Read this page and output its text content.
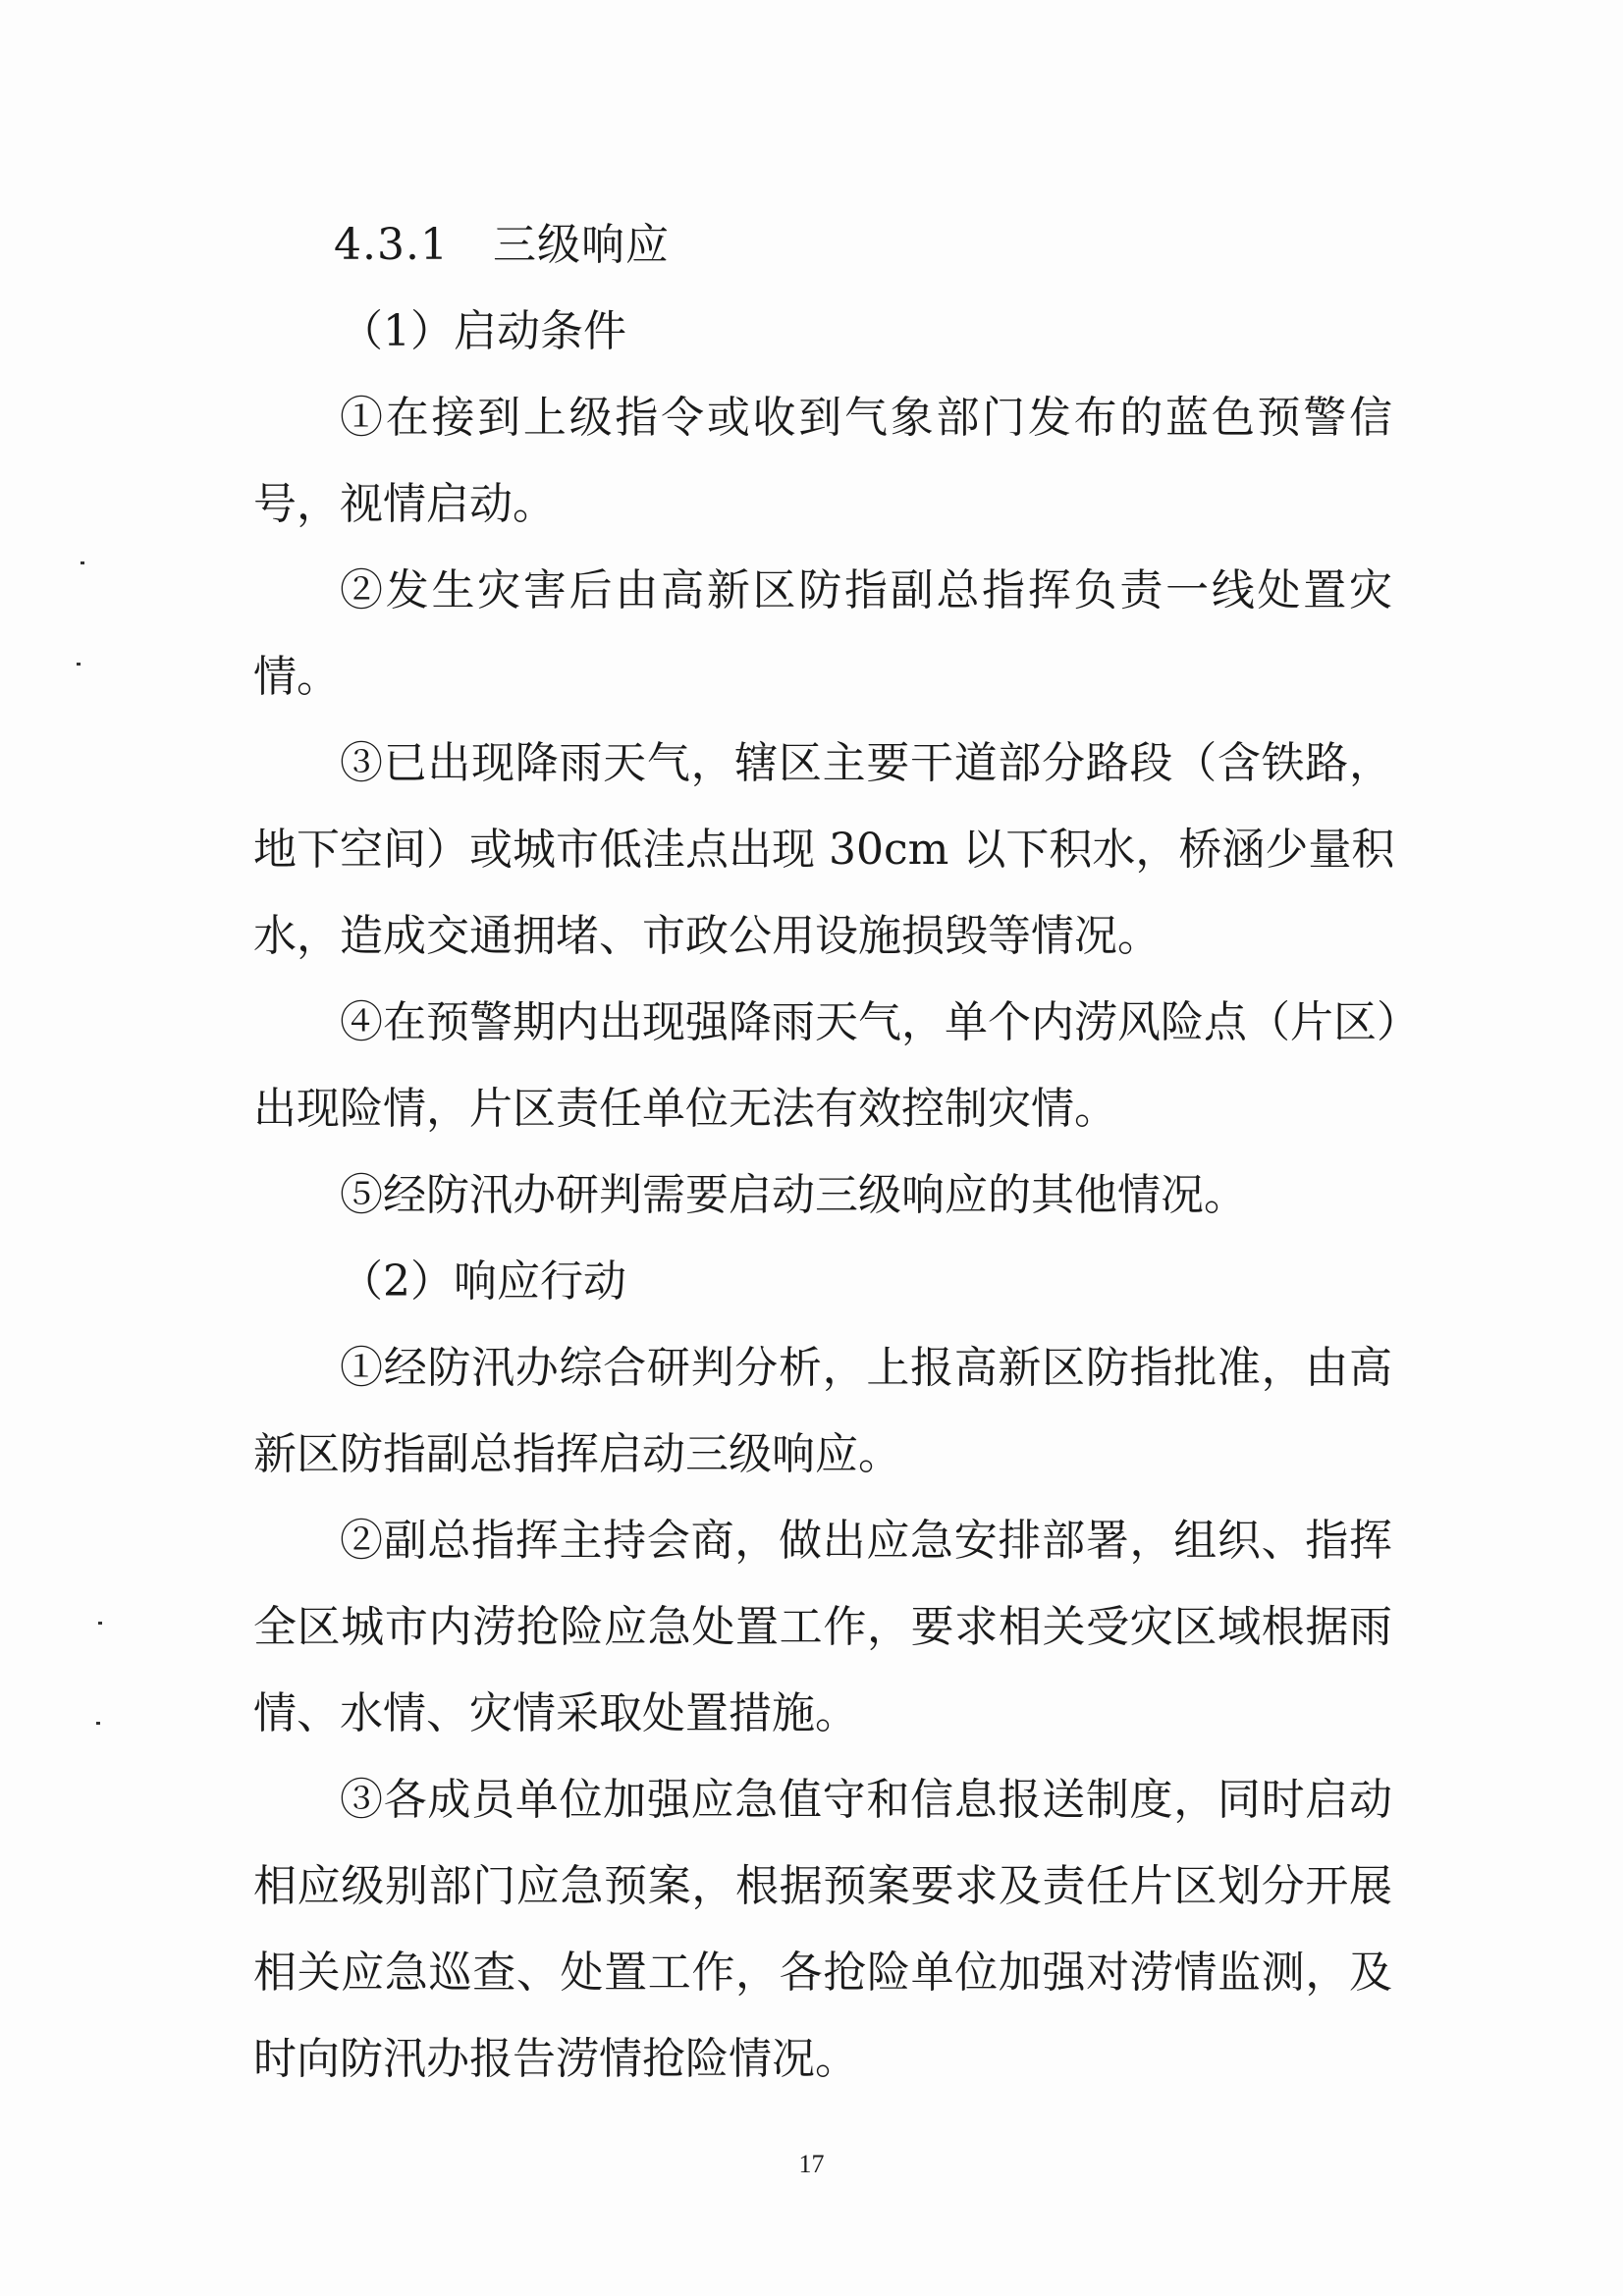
4.3.1　三级响应
（1）启动条件
①在接到上级指令或收到气象部门发布的蓝色预警信
号，视情启动。
②发生灾害后由高新区防指副总指挥负责一线处置灾
情。
③已出现降雨天气，辖区主要干道部分路段（含铁路，
地下空间）或城市低洼点出现 30cm 以下积水，桥涵少量积
水，造成交通拥堵、市政公用设施损毁等情况。
④在预警期内出现强降雨天气，单个内涝风险点（片区）
出现险情，片区责任单位无法有效控制灾情。
⑤经防汛办研判需要启动三级响应的其他情况。
（2）响应行动
①经防汛办综合研判分析，上报高新区防指批准，由高
新区防指副总指挥启动三级响应。
②副总指挥主持会商，做出应急安排部署，组织、指挥
全区城市内涝抢险应急处置工作，要求相关受灾区域根据雨
情、水情、灾情采取处置措施。
③各成员单位加强应急值守和信息报送制度，同时启动
相应级别部门应急预案，根据预案要求及责任片区划分开展
相关应急巡查、处置工作，各抢险单位加强对涝情监测，及
时向防汛办报告涝情抢险情况。
17
